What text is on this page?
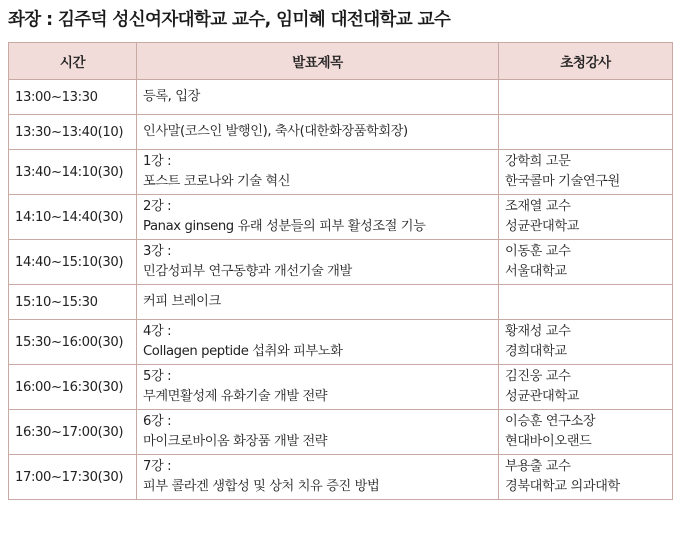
좌장 : 김주덕 성신여자대학교 교수, 임미혜 대전대학교 교수
시간	발표제목	초청강사
13:00~13:30	등록, 입장	

13:30~13:40(10)	인사말(코스인 발행인), 축사(대한화장품학회장)	

13:40~14:10(30)	1강 :
포스트 코로나와 기술 혁신	강학희 고문
한국콜마 기술연구원

14:10~14:40(30)	2강 :
Panax ginseng 유래 성분들의 피부 활성조절 기능	조재열 교수
성균관대학교

14:40~15:10(30)	3강 :
민감성피부 연구동향과 개선기술 개발	이동훈 교수
서울대학교

15:10~15:30	커피 브레이크	

15:30~16:00(30)	4강 :
Collagen peptide 섭취와 피부노화	황재성 교수
경희대학교

16:00~16:30(30)	5강 :
무계면활성제 유화기술 개발 전략	김진웅 교수
성균관대학교

16:30~17:00(30)	6강 :
마이크로바이옴 화장품 개발 전략	이승훈 연구소장
현대바이오랜드

17:00~17:30(30)	7강 :
피부 콜라겐 생합성 및 상처 치유 증진 방법	부용출 교수
경북대학교 의과대학
